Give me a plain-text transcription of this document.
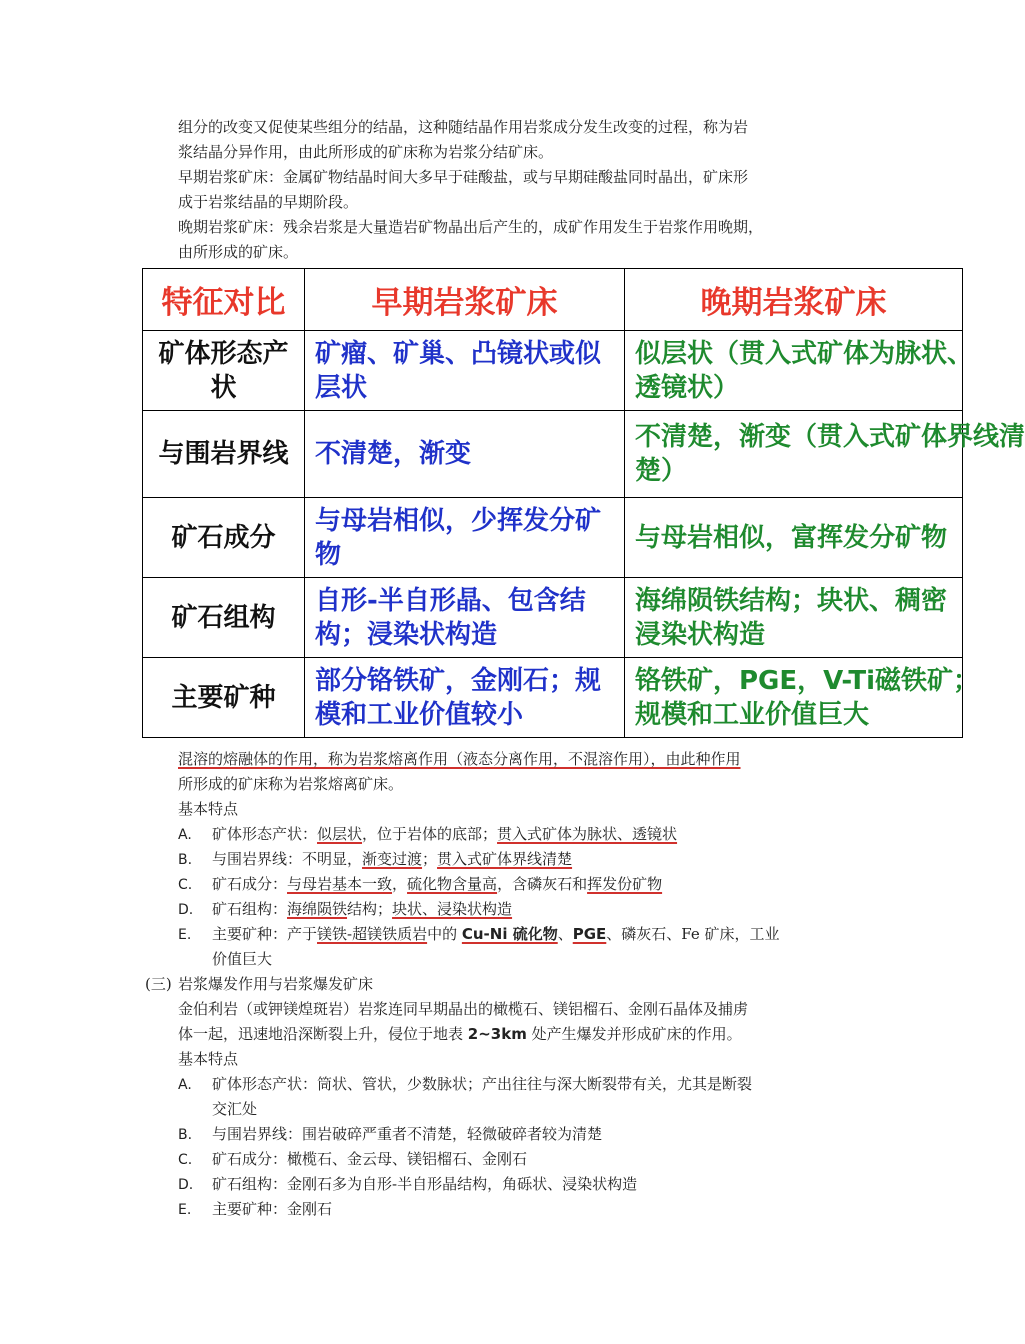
组分的改变又促使某些组分的结晶，这种随结晶作用岩浆成分发生改变的过程，称为岩
浆结晶分异作用，由此所形成的矿床称为岩浆分结矿床。
早期岩浆矿床：金属矿物结晶时间大多早于硅酸盐，或与早期硅酸盐同时晶出，矿床形
成于岩浆结晶的早期阶段。
晚期岩浆矿床：残余岩浆是大量造岩矿物晶出后产生的，成矿作用发生于岩浆作用晚期，
由所形成的矿床。
特征对比	早期岩浆矿床	晚期岩浆矿床
矿体形态产状	矿瘤、矿巢、凸镜状或似层状	似层状（贯入式矿体为脉状、
透镜状）
与围岩界线	不清楚，渐变	不清楚，渐变（贯入式矿体界线清
楚）
矿石成分	与母岩相似，少挥发分矿物	与母岩相似，富挥发分矿物
矿石组构	自形-半自形晶、包含结构；浸染状构造	海绵陨铁结构；块状、稠密
浸染状构造
主要矿种	部分铬铁矿，金刚石；规模和工业价值较小	铬铁矿，PGE，V-Ti磁铁矿；
规模和工业价值巨大
混溶的熔融体的作用，称为岩浆熔离作用（液态分离作用，不混溶作用），由此种作用
所形成的矿床称为岩浆熔离矿床。
基本特点
A. 矿体形态产状：似层状，位于岩体的底部；贯入式矿体为脉状、透镜状
B. 与围岩界线：不明显，渐变过渡；贯入式矿体界线清楚
C. 矿石成分：与母岩基本一致，硫化物含量高，含磷灰石和挥发份矿物
D. 矿石组构：海绵陨铁结构；块状、浸染状构造
E. 主要矿种：产于镁铁-超镁铁质岩中的 Cu-Ni 硫化物、PGE、磷灰石、Fe 矿床，工业
价值巨大
(三) 岩浆爆发作用与岩浆爆发矿床
金伯利岩（或钾镁煌斑岩）岩浆连同早期晶出的橄榄石、镁铝榴石、金刚石晶体及捕虏
体一起，迅速地沿深断裂上升，侵位于地表 2~3km 处产生爆发并形成矿床的作用。
基本特点
A. 矿体形态产状：筒状、管状，少数脉状；产出往往与深大断裂带有关，尤其是断裂
交汇处
B. 与围岩界线：围岩破碎严重者不清楚，轻微破碎者较为清楚
C. 矿石成分：橄榄石、金云母、镁铝榴石、金刚石
D. 矿石组构：金刚石多为自形-半自形晶结构，角砾状、浸染状构造
E. 主要矿种：金刚石
